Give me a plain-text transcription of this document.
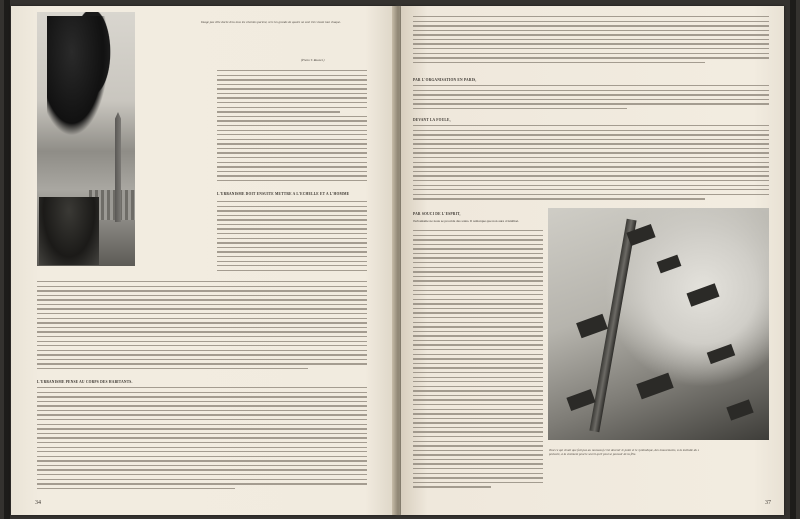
Image pas ville dorée d'ou tous les chemins partent, vers les grands de quatre un seul très vivant tout chaque.
(Photo T. Raanel.)
L'URBANISME DOIT ENSUITE METTRE A L'ÉCHELLE ET A L'HOMME
L'URBANISME PENSE AU CORPS DES HABITANTS.
34
PAR L'ORGANISATION EN PARIS,
DEVANT LA FOULE,
PAR SOUCI DE L'ESPRIT,
l'urbanisme ne nous se procède des soins. Il remarque que non aura cristallisé.
Tout ce qui vivait que fait pas au nouveau) c'est devenir le point et le symbolique, des mouvements, à la mélodie du spectacle, à la vraiment peut le secret qu'il peut se pouvoir de la fête.
37
